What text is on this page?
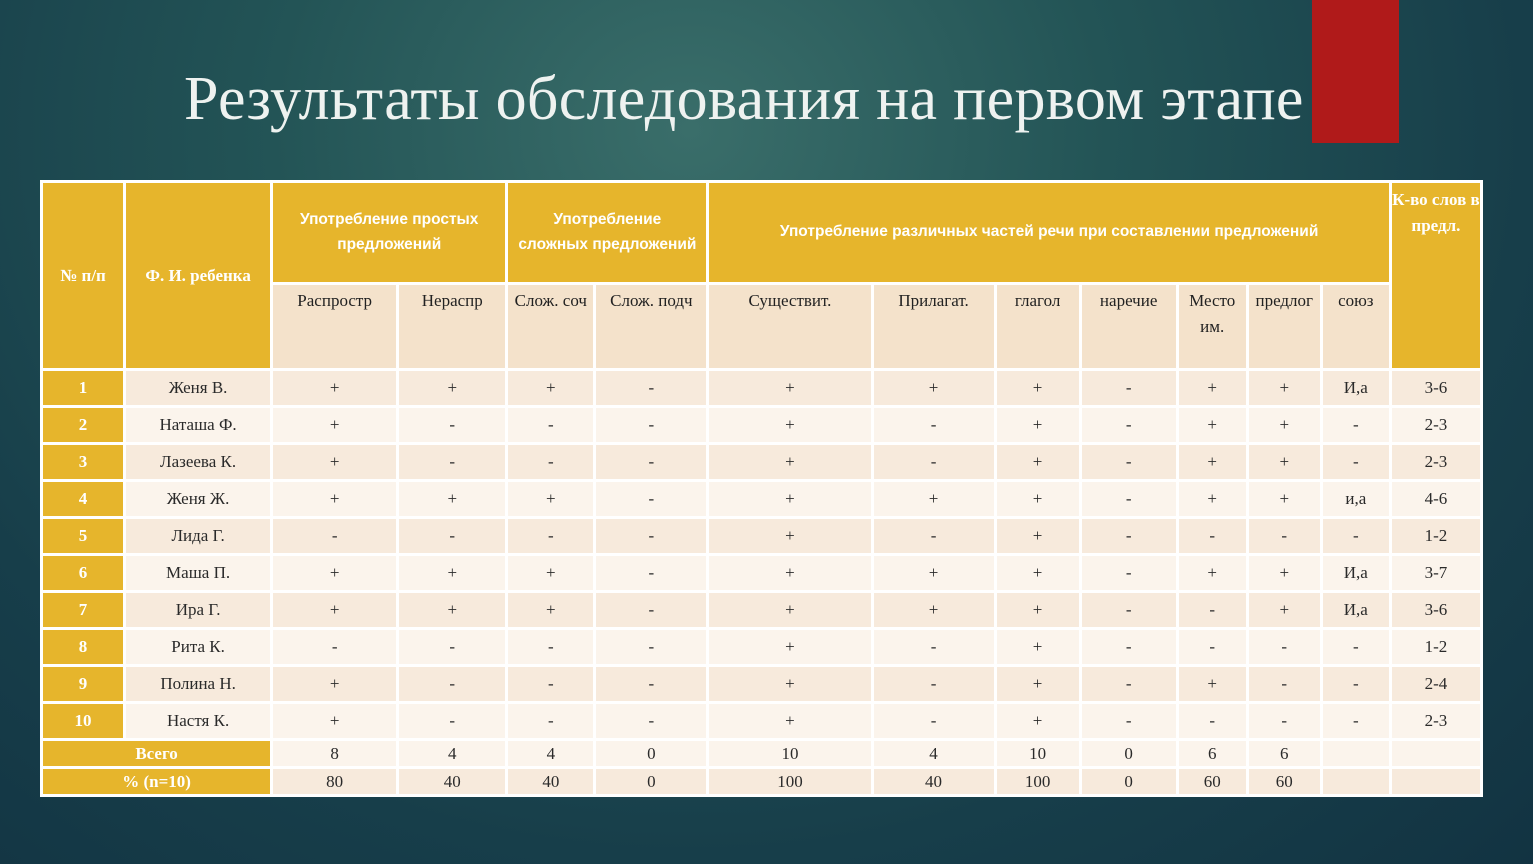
Результаты обследования на первом этапе
№ п/п	Ф. И. ребенка	Употребление простых предложений		Употребление сложных предложений		Употребление различных частей речи при составлении предложений							К-во слов в предл.
		Распростр	Нераспр	Слож. соч	Слож. подч	Существит.	Прилагат.	глагол	наречие	Место им.	предлог	союз	
1	Женя В.	+	+	+	-	+	+	+	-	+	+	И,а	3-6
2	Наташа Ф.	+	-	-	-	+	-	+	-	+	+	-	2-3
3	Лазеева К.	+	-	-	-	+	-	+	-	+	+	-	2-3
4	Женя Ж.	+	+	+	-	+	+	+	-	+	+	и,а	4-6
5	Лида Г.	-	-	-	-	+	-	+	-	-	-	-	1-2
6	Маша П.	+	+	+	-	+	+	+	-	+	+	И,а	3-7
7	Ира Г.	+	+	+	-	+	+	+	-	-	+	И,а	3-6
8	Рита К.	-	-	-	-	+	-	+	-	-	-	-	1-2
9	Полина Н.	+	-	-	-	+	-	+	-	+	-	-	2-4
10	Настя К.	+	-	-	-	+	-	+	-	-	-	-	2-3
Всего		8	4	4	0	10	4	10	0	6	6		
% (n=10)		80	40	40	0	100	40	100	0	60	60		
